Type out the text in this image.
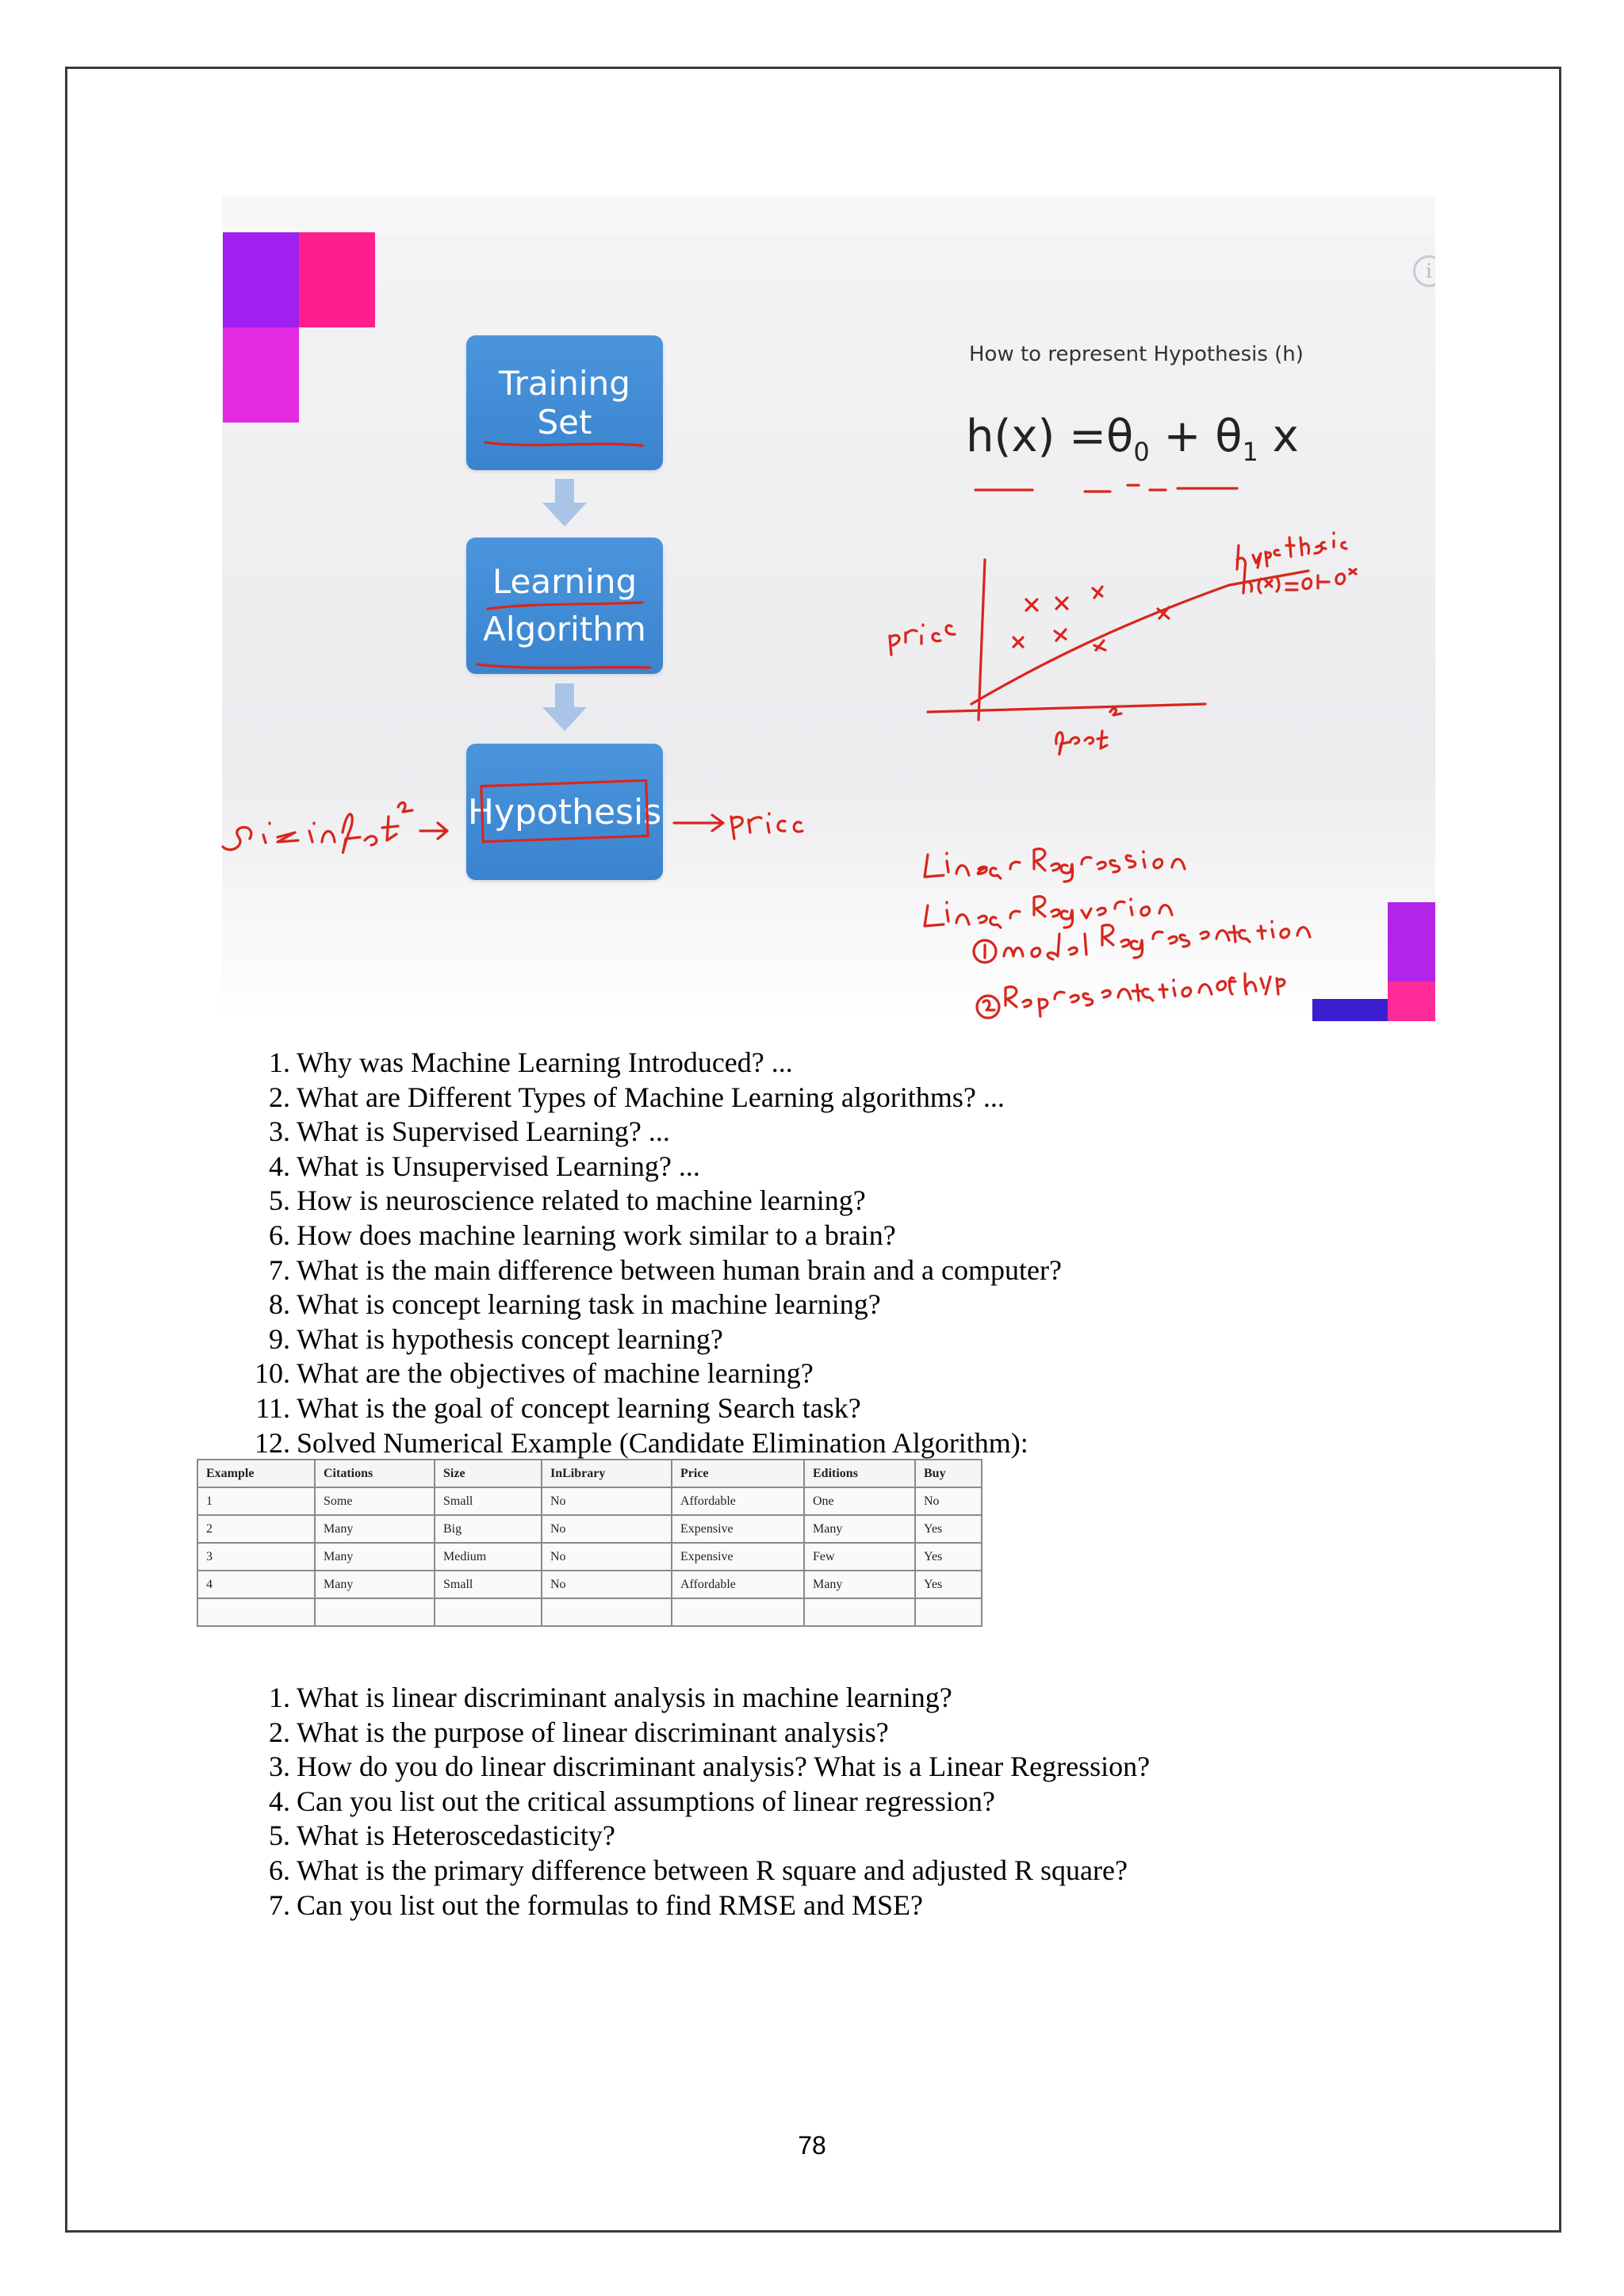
i
Training Set
Learning
Algorithm
Hypothesis
How to represent Hypothesis (h)
$h(x) =\theta_0 + \theta_1$ x
1. Why was Machine Learning Introduced? ...
2. What are Different Types of Machine Learning algorithms? ...
3. What is Supervised Learning? ...
4. What is Unsupervised Learning? ...
5. How is neuroscience related to machine learning?
6. How does machine learning work similar to a brain?
7. What is the main difference between human brain and a computer?
8. What is concept learning task in machine learning?
9. What is hypothesis concept learning?
10. What are the objectives of machine learning?
11. What is the goal of concept learning Search task?
12. Solved Numerical Example (Candidate Elimination Algorithm):
Example	Citations	Size	InLibrary	Price	Editions	Buy
1	Some	Small	No	Affordable	One	No
2	Many	Big	No	Expensive	Many	Yes
3	Many	Medium	No	Expensive	Few	Yes
4	Many	Small	No	Affordable	Many	Yes

1. What is linear discriminant analysis in machine learning?
2. What is the purpose of linear discriminant analysis?
3. How do you do linear discriminant analysis? What is a Linear Regression?
4. Can you list out the critical assumptions of linear regression?
5. What is Heteroscedasticity?
6. What is the primary difference between R square and adjusted R square?
7. Can you list out the formulas to find RMSE and MSE?
78
